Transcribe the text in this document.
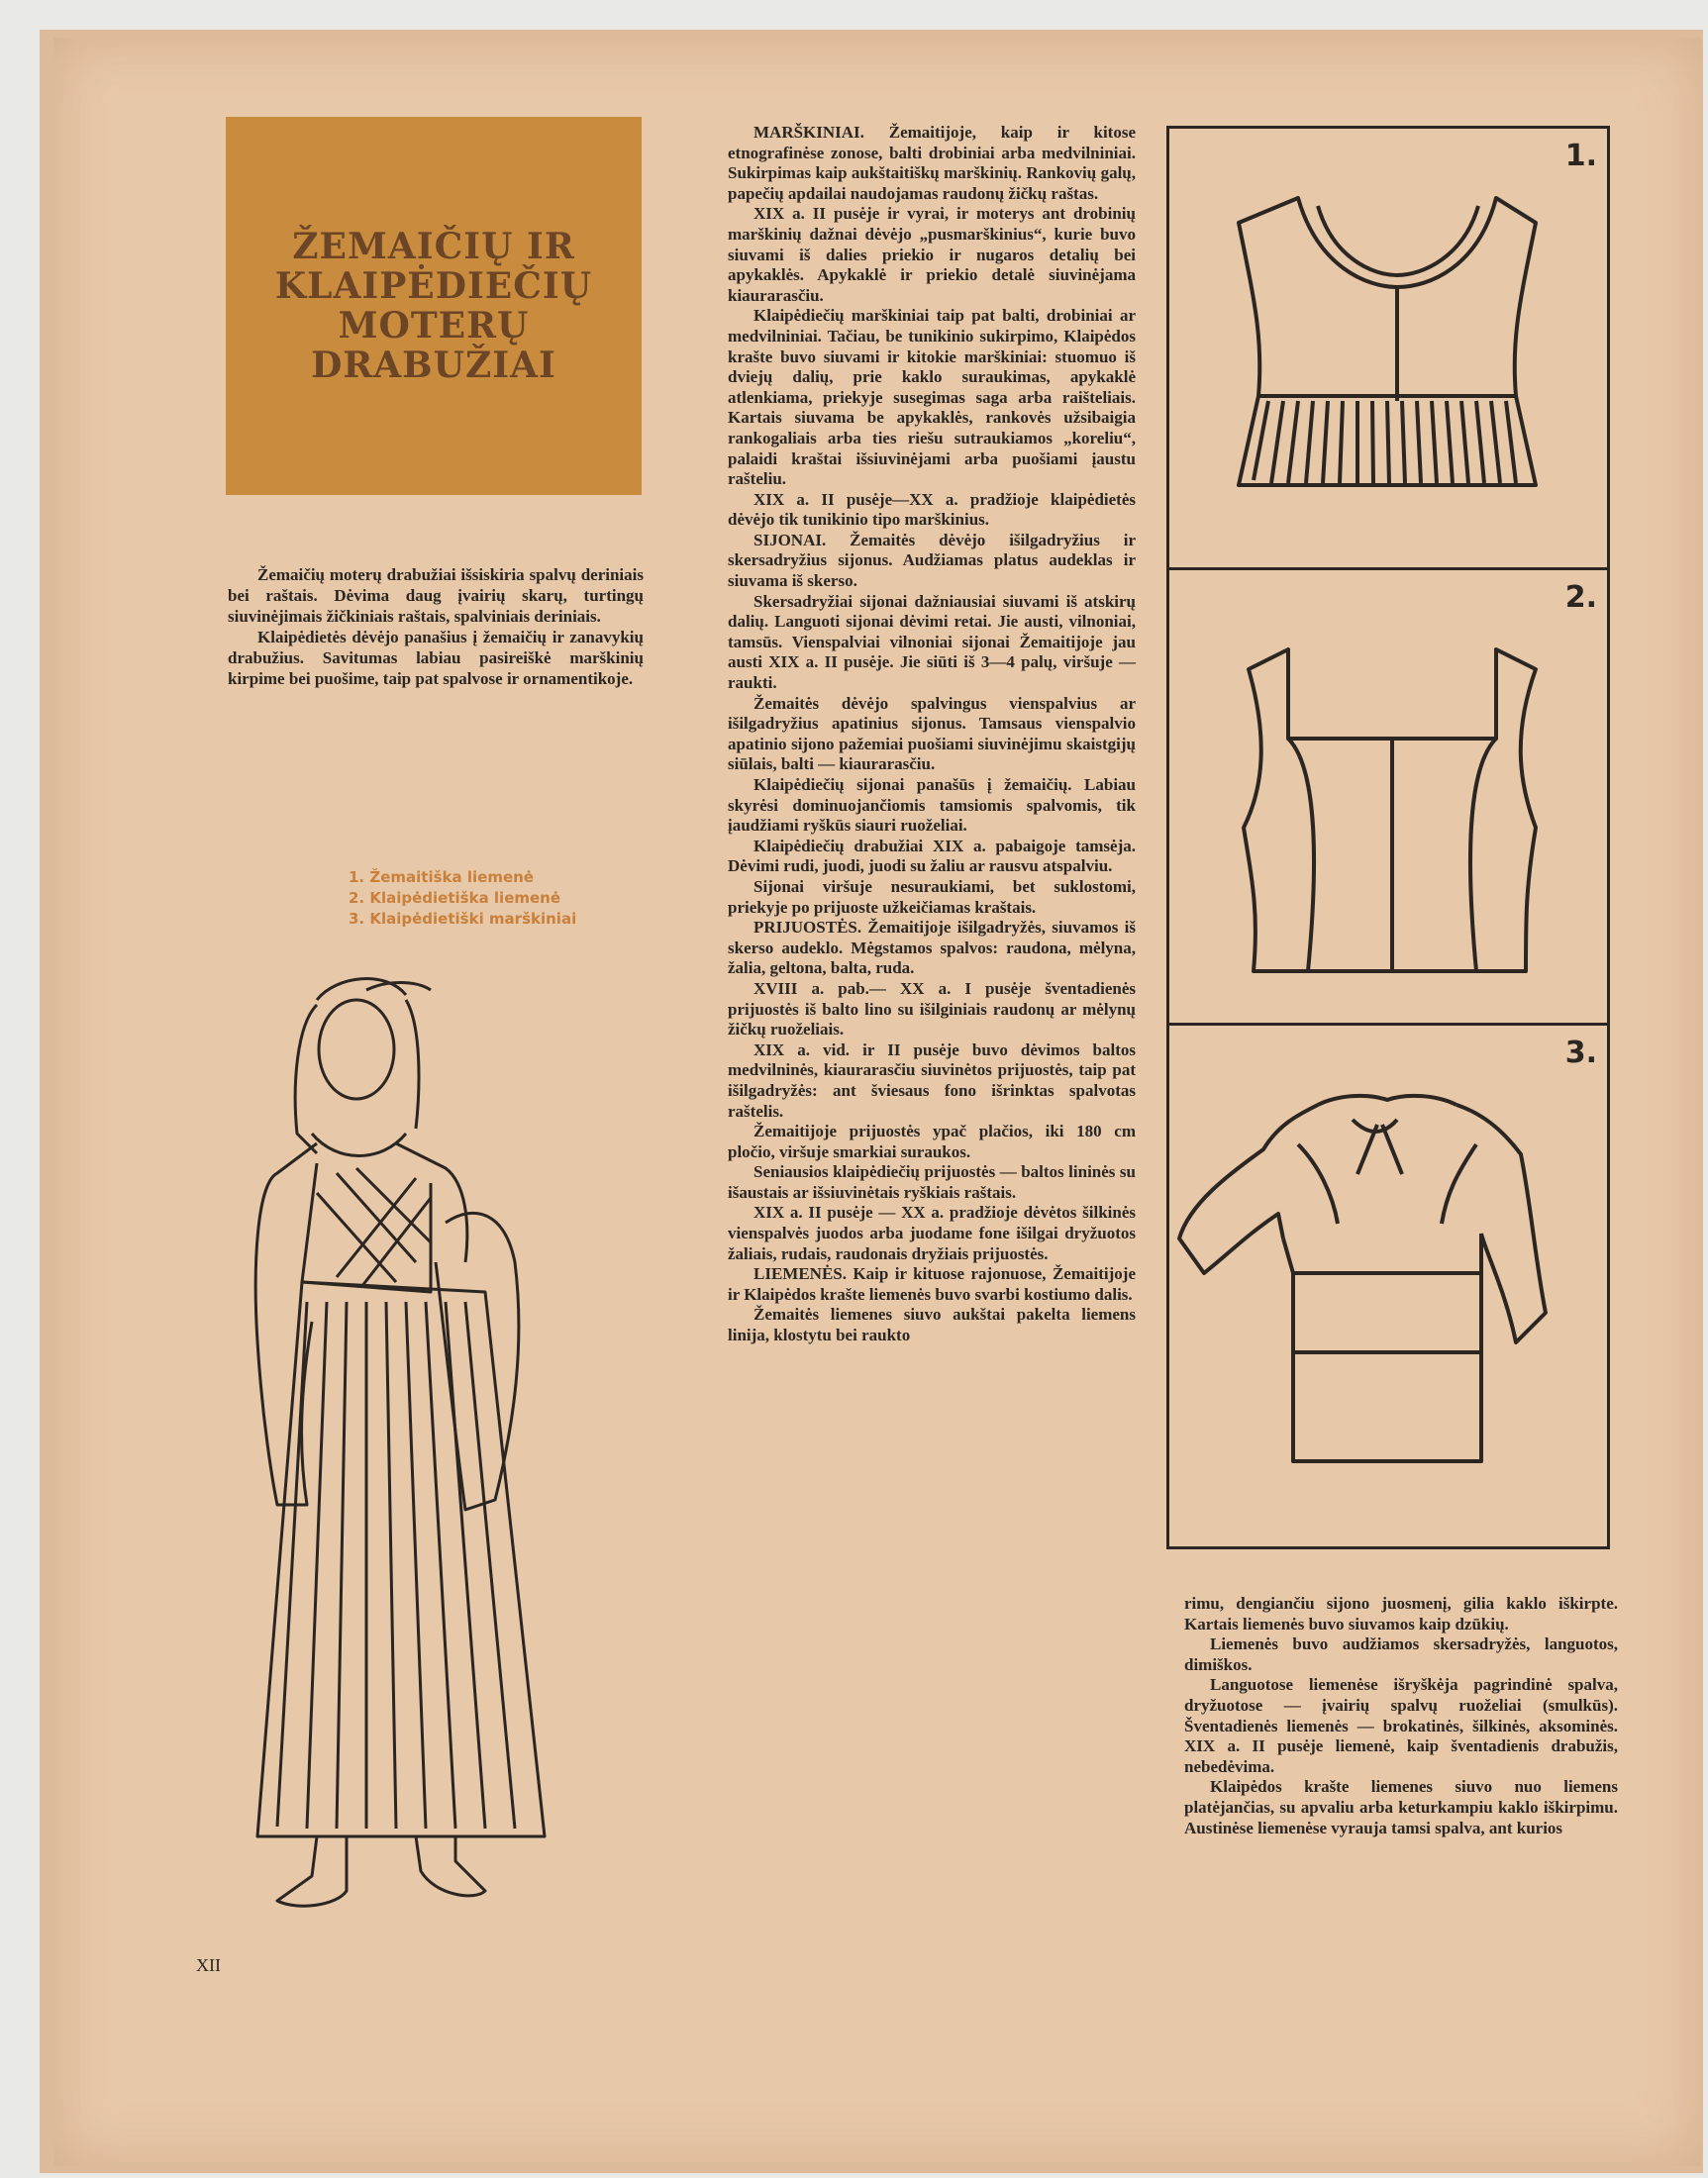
ŽEMAIČIŲ IR
KLAIPĖDIEČIŲ
MOTERŲ
DRABUŽIAI

Žemaičių moterų drabužiai išsiskiria spalvų deriniais bei raštais. Dėvima daug įvairių skarų, turtingų siuvinėjimais žičkiniais raštais, spalviniais deriniais.

Klaipėdietės dėvėjo panašius į žemaičių ir zanavykių drabužius. Savitumas labiau pasireiškė marškinių kirpime bei puošime, taip pat spalvose ir ornamentikoje.

1. Žemaitiška liemenė
2. Klaipėdietiška liemenė
3. Klaipėdietiški marškiniai

MARŠKINIAI. Žemaitijoje, kaip ir kitose etnografinėse zonose, balti drobiniai arba medvilniniai. Sukirpimas kaip aukštaitiškų marškinių. Rankovių galų, papečių apdailai naudojamas raudonų žičkų raštas.

XIX a. II pusėje ir vyrai, ir moterys ant drobinių marškinių dažnai dėvėjo „pusmarškinius“, kurie buvo siuvami iš dalies priekio ir nugaros detalių bei apykaklės. Apykaklė ir priekio detalė siuvinėjama kiaurarasčiu.

Klaipėdiečių marškiniai taip pat balti, drobiniai ar medvilniniai. Tačiau, be tunikinio sukirpimo, Klaipėdos krašte buvo siuvami ir kitokie marškiniai: stuomuo iš dviejų dalių, prie kaklo suraukimas, apykaklė atlenkiama, priekyje susegimas saga arba raišteliais. Kartais siuvama be apykaklės, rankovės užsibaigia rankogaliais arba ties riešu sutraukiamos „koreliu“, palaidi kraštai išsiuvinėjami arba puošiami įaustu rašteliu.

XIX a. II pusėje—XX a. pradžioje klaipėdietės dėvėjo tik tunikinio tipo marškinius.

SIJONAI. Žemaitės dėvėjo išilgadryžius ir skersadryžius sijonus. Audžiamas platus audeklas ir siuvama iš skerso.

Skersadryžiai sijonai dažniausiai siuvami iš atskirų dalių. Languoti sijonai dėvimi retai. Jie austi, vilnoniai, tamsūs. Vienspalviai vilnoniai sijonai Žemaitijoje jau austi XIX a. II pusėje. Jie siūti iš 3—4 palų, viršuje — raukti.

Žemaitės dėvėjo spalvingus vienspalvius ar išilgadryžius apatinius sijonus. Tamsaus vienspalvio apatinio sijono pažemiai puošiami siuvinėjimu skaistgijų siūlais, balti — kiaurarasčiu.

Klaipėdiečių sijonai panašūs į žemaičių. Labiau skyrėsi dominuojančiomis tamsiomis spalvomis, tik įaudžiami ryškūs siauri ruoželiai.

Klaipėdiečių drabužiai XIX a. pabaigoje tamsėja. Dėvimi rudi, juodi, juodi su žaliu ar rausvu atspalviu.

Sijonai viršuje nesuraukiami, bet suklostomi, priekyje po prijuoste užkeičiamas kraštais.

PRIJUOSTĖS. Žemaitijoje išilgadryžės, siuvamos iš skerso audeklo. Mėgstamos spalvos: raudona, mėlyna, žalia, geltona, balta, ruda.

XVIII a. pab.— XX a. I pusėje šventadienės prijuostės iš balto lino su išilginiais raudonų ar mėlynų žičkų ruoželiais.

XIX a. vid. ir II pusėje buvo dėvimos baltos medvilninės, kiaurarasčiu siuvinėtos prijuostės, taip pat išilgadryžės: ant šviesaus fono išrinktas spalvotas raštelis.

Žemaitijoje prijuostės ypač plačios, iki 180 cm pločio, viršuje smarkiai suraukos.

Seniausios klaipėdiečių prijuostės — baltos lininės su išaustais ar išsiuvinėtais ryškiais raštais.

XIX a. II pusėje — XX a. pradžioje dėvėtos šilkinės vienspalvės juodos arba juodame fone išilgai dryžuotos žaliais, rudais, raudonais dryžiais prijuostės.

LIEMENĖS. Kaip ir kituose rajonuose, Žemaitijoje ir Klaipėdos krašte liemenės buvo svarbi kostiumo dalis.

Žemaitės liemenes siuvo aukštai pakelta liemens linija, klostytu bei raukto

rimu, dengiančiu sijono juosmenį, gilia kaklo iškirpte. Kartais liemenės buvo siuvamos kaip dzūkių.

Liemenės buvo audžiamos skersadryžės, languotos, dimiškos.

Languotose liemenėse išryškėja pagrindinė spalva, dryžuotose — įvairių spalvų ruoželiai (smulkūs). Šventadienės liemenės — brokatinės, šilkinės, aksominės. XIX a. II pusėje liemenė, kaip šventadienis drabužis, nebedėvima.

Klaipėdos krašte liemenes siuvo nuo liemens platėjančias, su apvaliu arba keturkampiu kaklo iškirpimu. Austinėse liemenėse vyrauja tamsi spalva, ant kurios

1.
2.
3.
XII
